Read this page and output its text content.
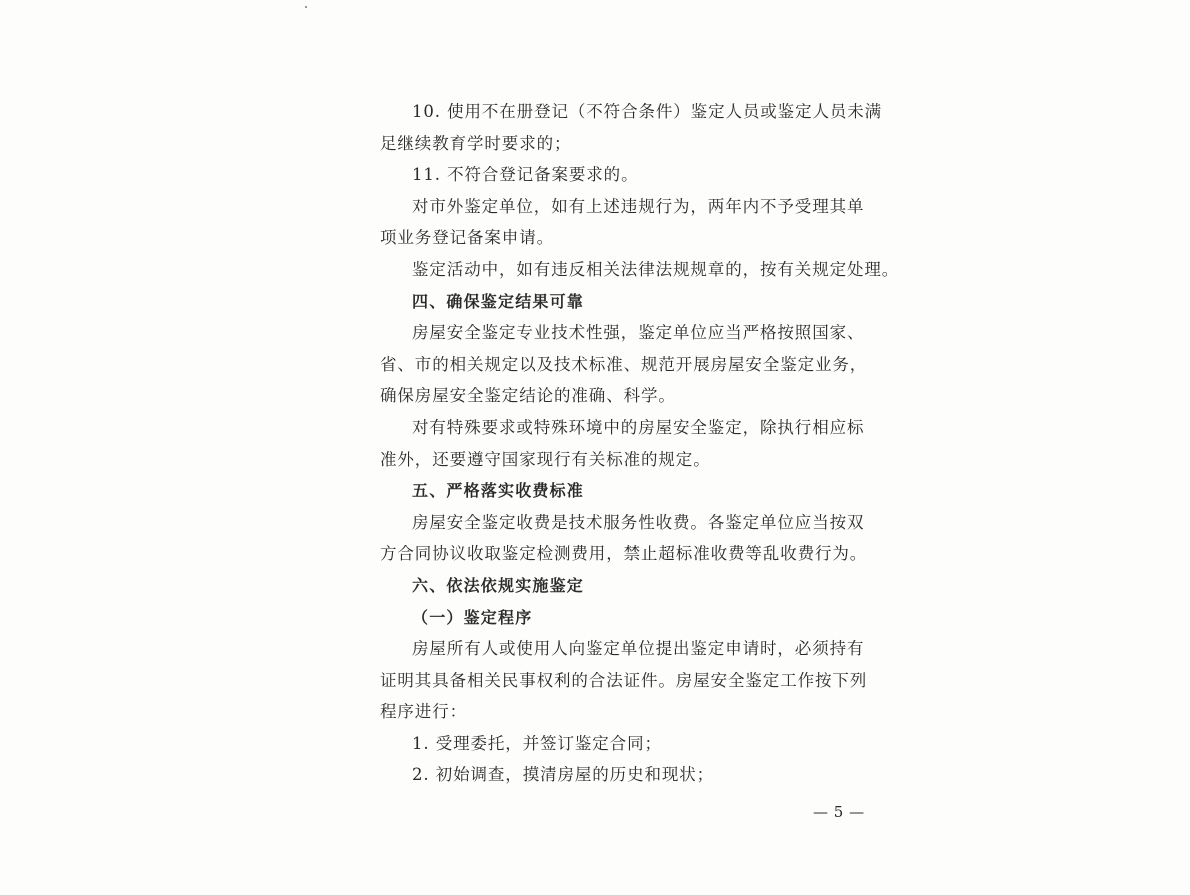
10. 使用不在册登记（不符合条件）鉴定人员或鉴定人员未满
足继续教育学时要求的；
11. 不符合登记备案要求的。
对市外鉴定单位，如有上述违规行为，两年内不予受理其单
项业务登记备案申请。
鉴定活动中，如有违反相关法律法规规章的，按有关规定处理。
四、确保鉴定结果可靠
房屋安全鉴定专业技术性强，鉴定单位应当严格按照国家、
省、市的相关规定以及技术标准、规范开展房屋安全鉴定业务，
确保房屋安全鉴定结论的准确、科学。
对有特殊要求或特殊环境中的房屋安全鉴定，除执行相应标
准外，还要遵守国家现行有关标准的规定。
五、严格落实收费标准
房屋安全鉴定收费是技术服务性收费。各鉴定单位应当按双
方合同协议收取鉴定检测费用，禁止超标准收费等乱收费行为。
六、依法依规实施鉴定
（一）鉴定程序
房屋所有人或使用人向鉴定单位提出鉴定申请时，必须持有
证明其具备相关民事权利的合法证件。房屋安全鉴定工作按下列
程序进行：
1. 受理委托，并签订鉴定合同；
2. 初始调查，摸清房屋的历史和现状；
— 5 —
